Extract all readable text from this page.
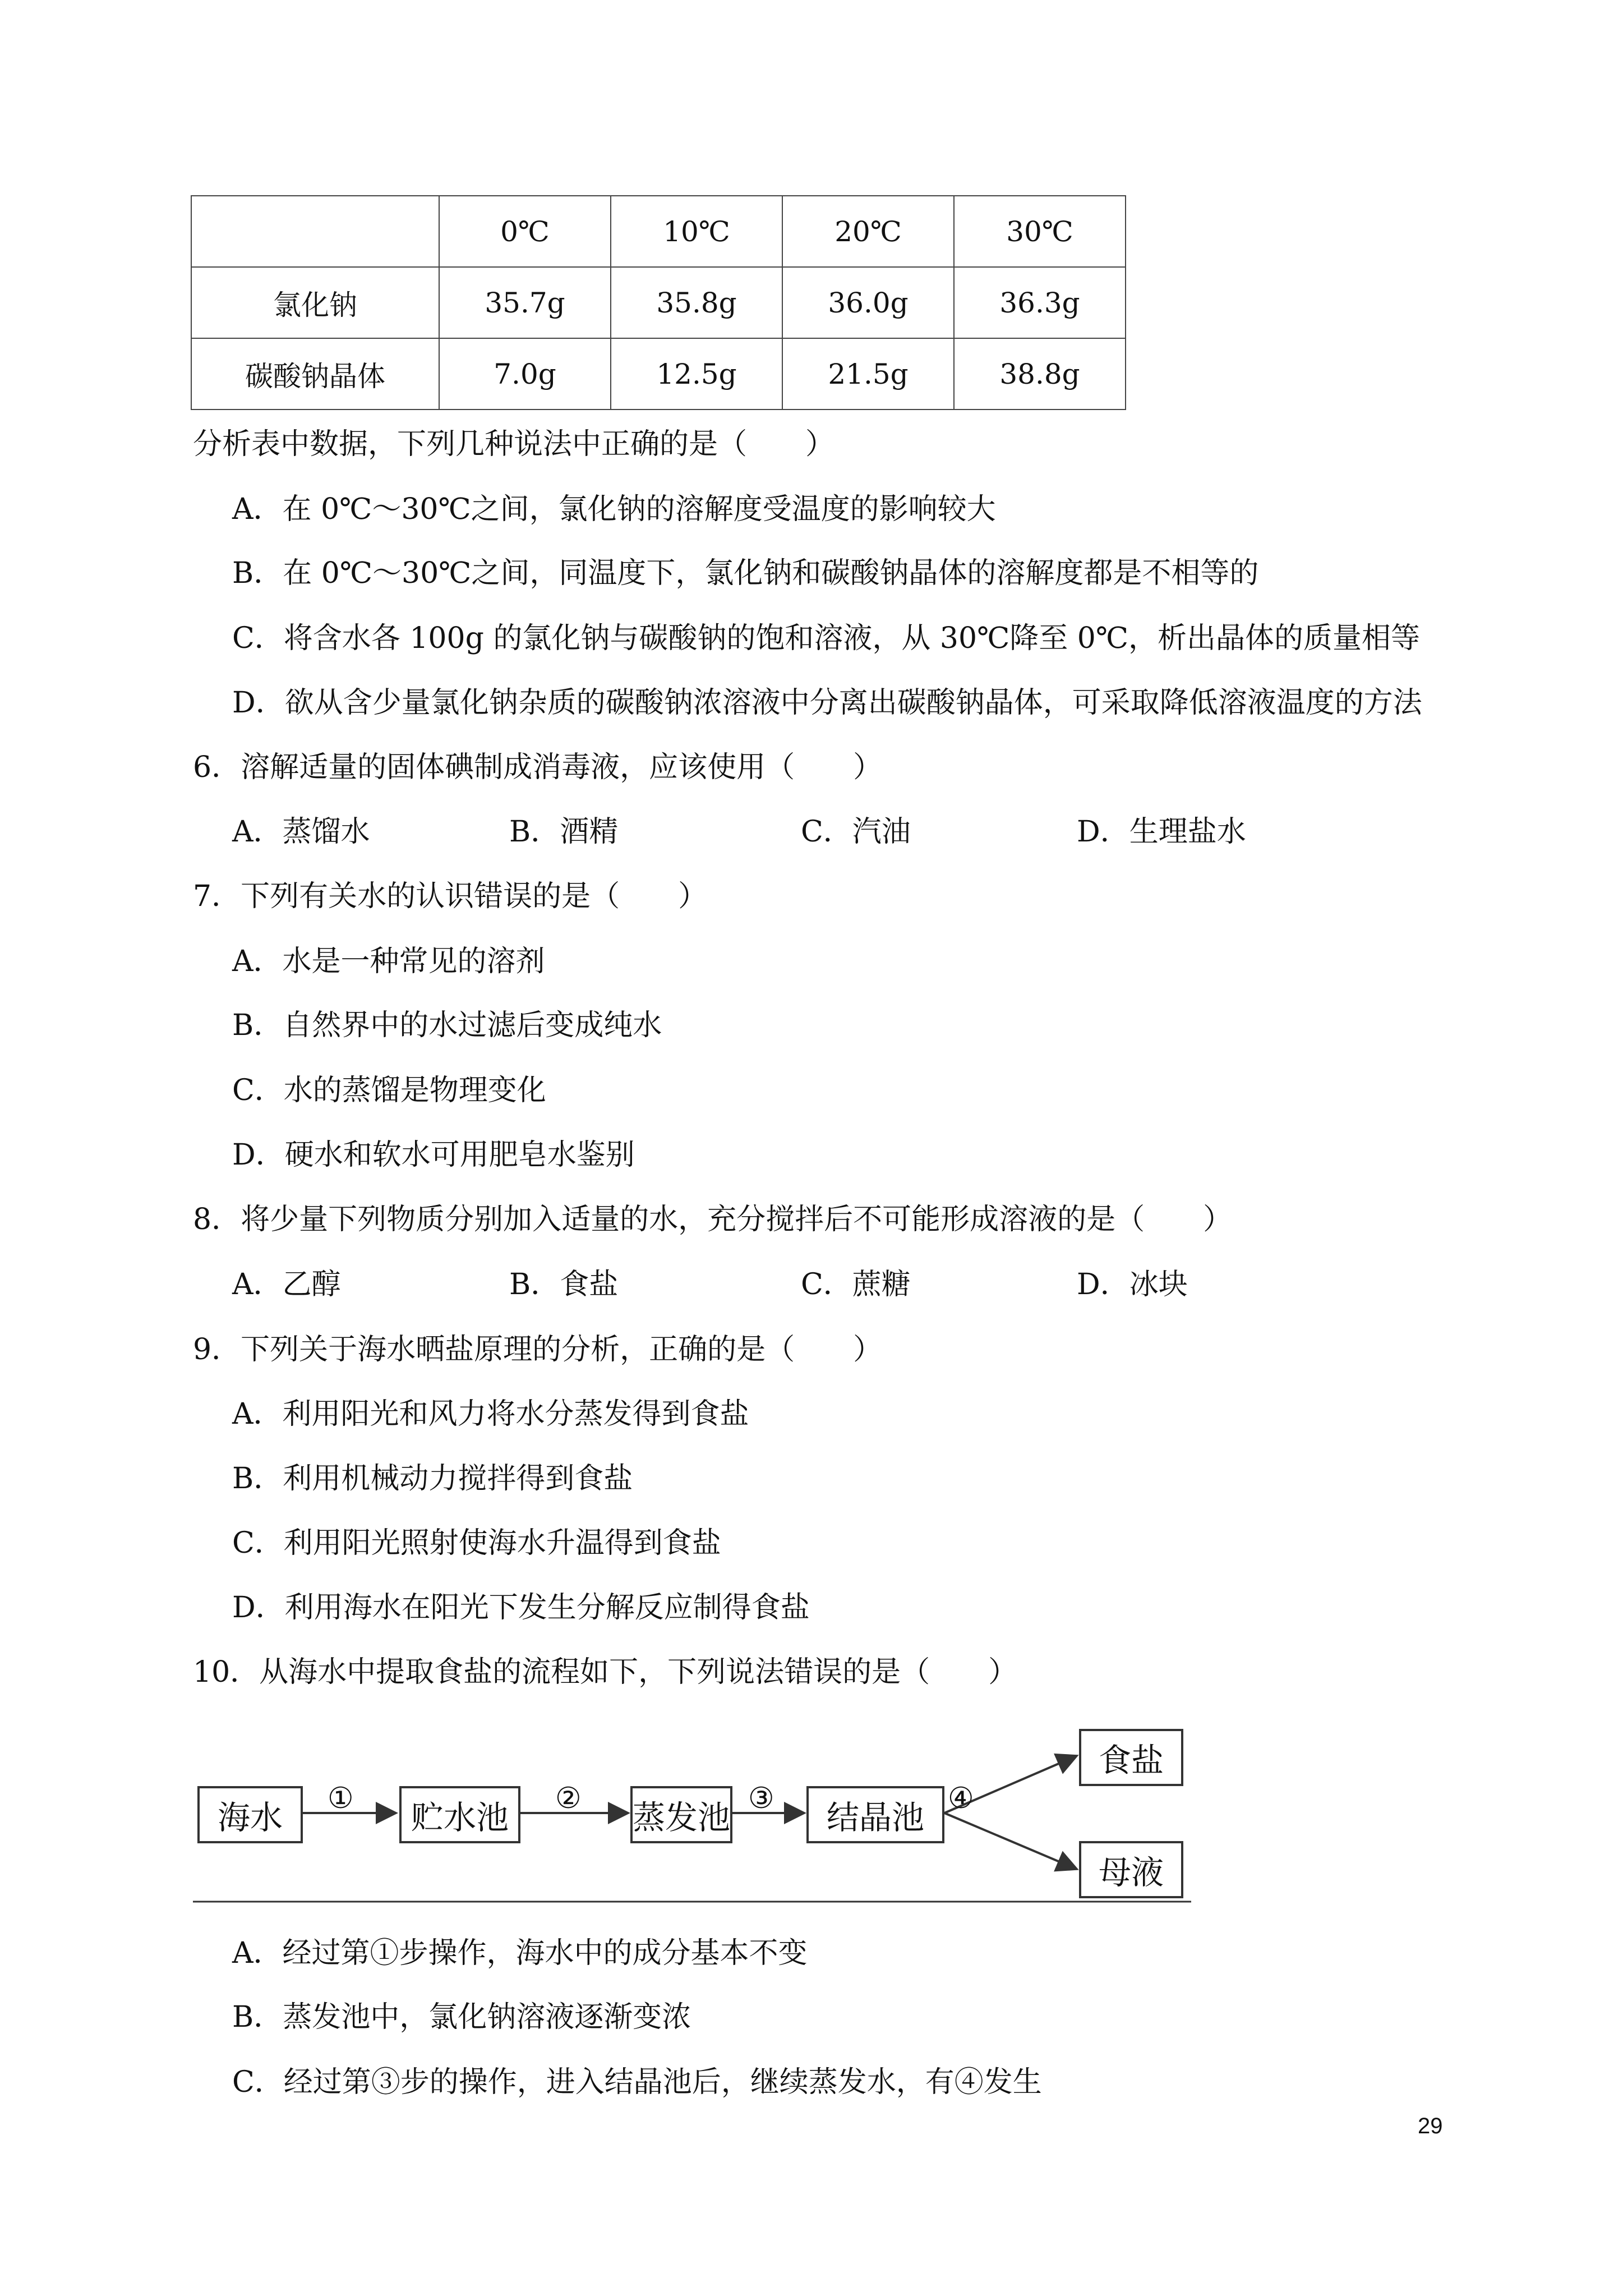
	0℃	10℃	20℃	30℃
氯化钠	35.7g	35.8g	36.0g	36.3g
碳酸钠晶体	7.0g	12.5g	21.5g	38.8g
分析表中数据，下列几种说法中正确的是（　　）
A．在 0℃～30℃之间，氯化钠的溶解度受温度的影响较大
B．在 0℃～30℃之间，同温度下，氯化钠和碳酸钠晶体的溶解度都是不相等的
C．将含水各 100g 的氯化钠与碳酸钠的饱和溶液，从 30℃降至 0℃，析出晶体的质量相等
D．欲从含少量氯化钠杂质的碳酸钠浓溶液中分离出碳酸钠晶体，可采取降低溶液温度的方法
6．溶解适量的固体碘制成消毒液，应该使用（　　）
A．蒸馏水	B．酒精	C．汽油	D．生理盐水
7．下列有关水的认识错误的是（　　）
A．水是一种常见的溶剂
B．自然界中的水过滤后变成纯水
C．水的蒸馏是物理变化
D．硬水和软水可用肥皂水鉴别
8．将少量下列物质分别加入适量的水，充分搅拌后不可能形成溶液的是（　　）
A．乙醇	B．食盐	C．蔗糖	D．冰块
9．下列关于海水晒盐原理的分析，正确的是（　　）
A．利用阳光和风力将水分蒸发得到食盐
B．利用机械动力搅拌得到食盐
C．利用阳光照射使海水升温得到食盐
D．利用海水在阳光下发生分解反应制得食盐
10．从海水中提取食盐的流程如下，下列说法错误的是（　　）
海水	贮水池	蒸发池	结晶池
食盐
母液
①	②	③	④
A．经过第①步操作，海水中的成分基本不变
B．蒸发池中，氯化钠溶液逐渐变浓
C．经过第③步的操作，进入结晶池后，继续蒸发水，有④发生
29
